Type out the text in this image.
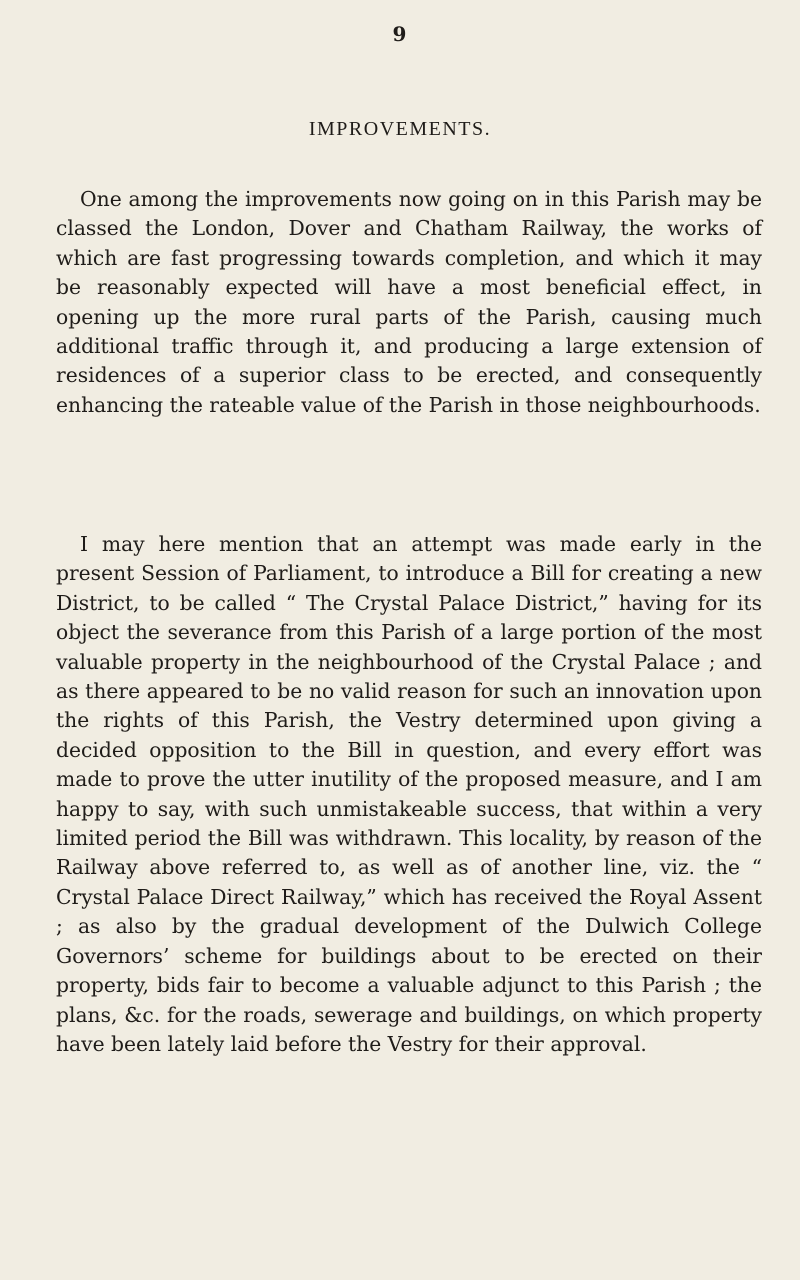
9
IMPROVEMENTS.

One among the improvements now going on in this Parish may be classed the London, Dover and Chatham Railway, the works of which are fast progressing towards completion, and which it may be reasonably expected will have a most beneficial effect, in opening up the more rural parts of the Parish, causing much additional traffic through it, and producing a large extension of residences of a superior class to be erected, and consequently enhancing the rateable value of the Parish in those neighbourhoods.

I may here mention that an attempt was made early in the present Session of Parliament, to introduce a Bill for creating a new District, to be called “ The Crystal Palace District,” having for its object the severance from this Parish of a large portion of the most valuable property in the neighbourhood of the Crystal Palace ; and as there appeared to be no valid reason for such an innovation upon the rights of this Parish, the Vestry determined upon giving a decided opposition to the Bill in question, and every effort was made to prove the utter inutility of the proposed measure, and I am happy to say, with such unmistakeable success, that within a very limited period the Bill was withdrawn. This locality, by reason of the Railway above referred to, as well as of another line, viz. the “ Crystal Palace Direct Railway,” which has received the Royal Assent ; as also by the gradual development of the Dulwich College Governors’ scheme for buildings about to be erected on their property, bids fair to become a valuable adjunct to this Parish ; the plans, &c. for the roads, sewerage and buildings, on which property have been lately laid before the Vestry for their approval.
